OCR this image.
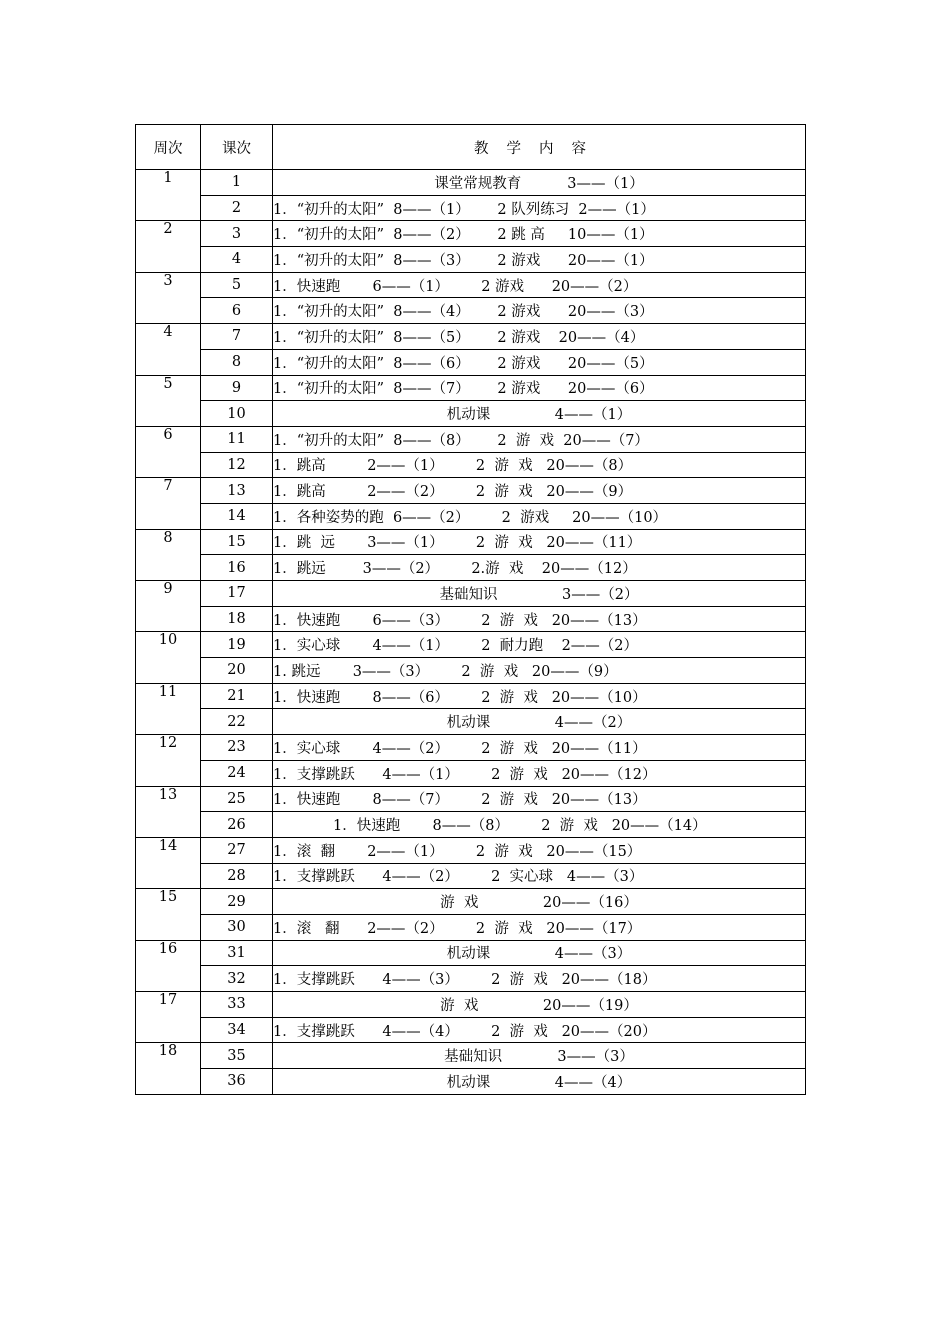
周次	课次	教学内容
1	1	课堂常规教育          3——（1）
	2	1．“初升的太阳”  8——（1）      2 队列练习  2——（1）
2	3	1．“初升的太阳”  8——（2）      2 跳 高     10——（1）
	4	1．“初升的太阳”  8——（3）      2 游戏      20——（1）
3	5	1．快速跑       6——（1）       2 游戏      20——（2）
	6	1．“初升的太阳”  8——（4）      2 游戏      20——（3）
4	7	1．“初升的太阳”  8——（5）      2 游戏    20——（4）
	8	1．“初升的太阳”  8——（6）      2 游戏      20——（5）
5	9	1．“初升的太阳”  8——（7）      2 游戏      20——（6）
	10	机动课              4——（1）
6	11	1．“初升的太阳”  8——（8）      2  游  戏  20——（7）
	12	1．跳高         2——（1）       2  游  戏   20——（8）
7	13	1．跳高         2——（2）       2  游  戏   20——（9）
	14	1．各种姿势的跑  6——（2）       2  游戏     20——（10）
8	15	1．跳  远       3——（1）       2  游  戏   20——（11）
	16	1．跳远        3——（2）       2.游  戏    20——（12）
9	17	基础知识              3——（2）
	18	1．快速跑       6——（3）       2  游  戏   20——（13）
10	19	1．实心球       4——（1）       2  耐力跑    2——（2）
	20	1. 跳远       3——（3）       2  游  戏   20——（9）
11	21	1．快速跑       8——（6）       2  游  戏   20——（10）
	22	机动课              4——（2）
12	23	1．实心球       4——（2）       2  游  戏   20——（11）
	24	1．支撑跳跃      4——（1）       2  游  戏   20——（12）
13	25	1．快速跑       8——（7）       2  游  戏   20——（13）
	26	1．快速跑       8——（8）       2  游  戏   20——（14）
14	27	1．滚  翻       2——（1）       2  游  戏   20——（15）
	28	1．支撑跳跃      4——（2）       2  实心球   4——（3）
15	29	游  戏              20——（16）
	30	1．滚   翻      2——（2）       2  游  戏   20——（17）
16	31	机动课              4——（3）
	32	1．支撑跳跃      4——（3）       2  游  戏   20——（18）
17	33	游  戏              20——（19）
	34	1．支撑跳跃      4——（4）       2  游  戏   20——（20）
18	35	基础知识            3——（3）
	36	机动课              4——（4）
